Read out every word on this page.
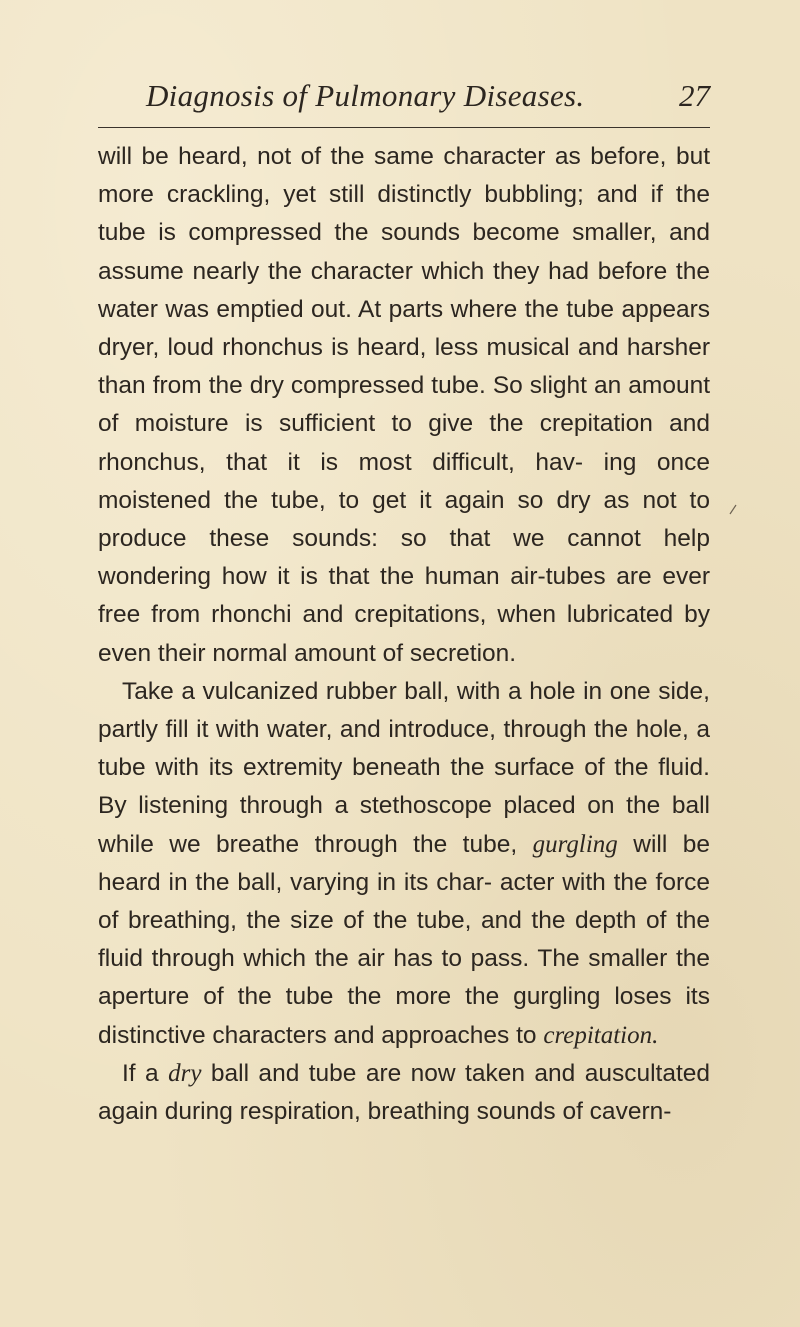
Diagnosis of Pulmonary Diseases.	27

will be heard, not of the same character as before, but more crackling, yet still distinctly bubbling; and if the tube is compressed the sounds become smaller, and assume nearly the character which they had before the water was emptied out. At parts where the tube appears dryer, loud rhonchus is heard, less musical and harsher than from the dry compressed tube. So slight an amount of moisture is sufficient to give the crepitation and rhonchus, that it is most difficult, hav- ing once moistened the tube, to get it again so dry as not to produce these sounds: so that we cannot help wondering how it is that the human air-tubes are ever free from rhonchi and crepitations, when lubricated by even their normal amount of secretion.

Take a vulcanized rubber ball, with a hole in one side, partly fill it with water, and introduce, through the hole, a tube with its extremity beneath the surface of the fluid. By listening through a stethoscope placed on the ball while we breathe through the tube, gurgling will be heard in the ball, varying in its char- acter with the force of breathing, the size of the tube, and the depth of the fluid through which the air has to pass. The smaller the aperture of the tube the more the gurgling loses its distinctive characters and approaches to crepitation.

If a dry ball and tube are now taken and auscultated again during respiration, breathing sounds of cavern-
